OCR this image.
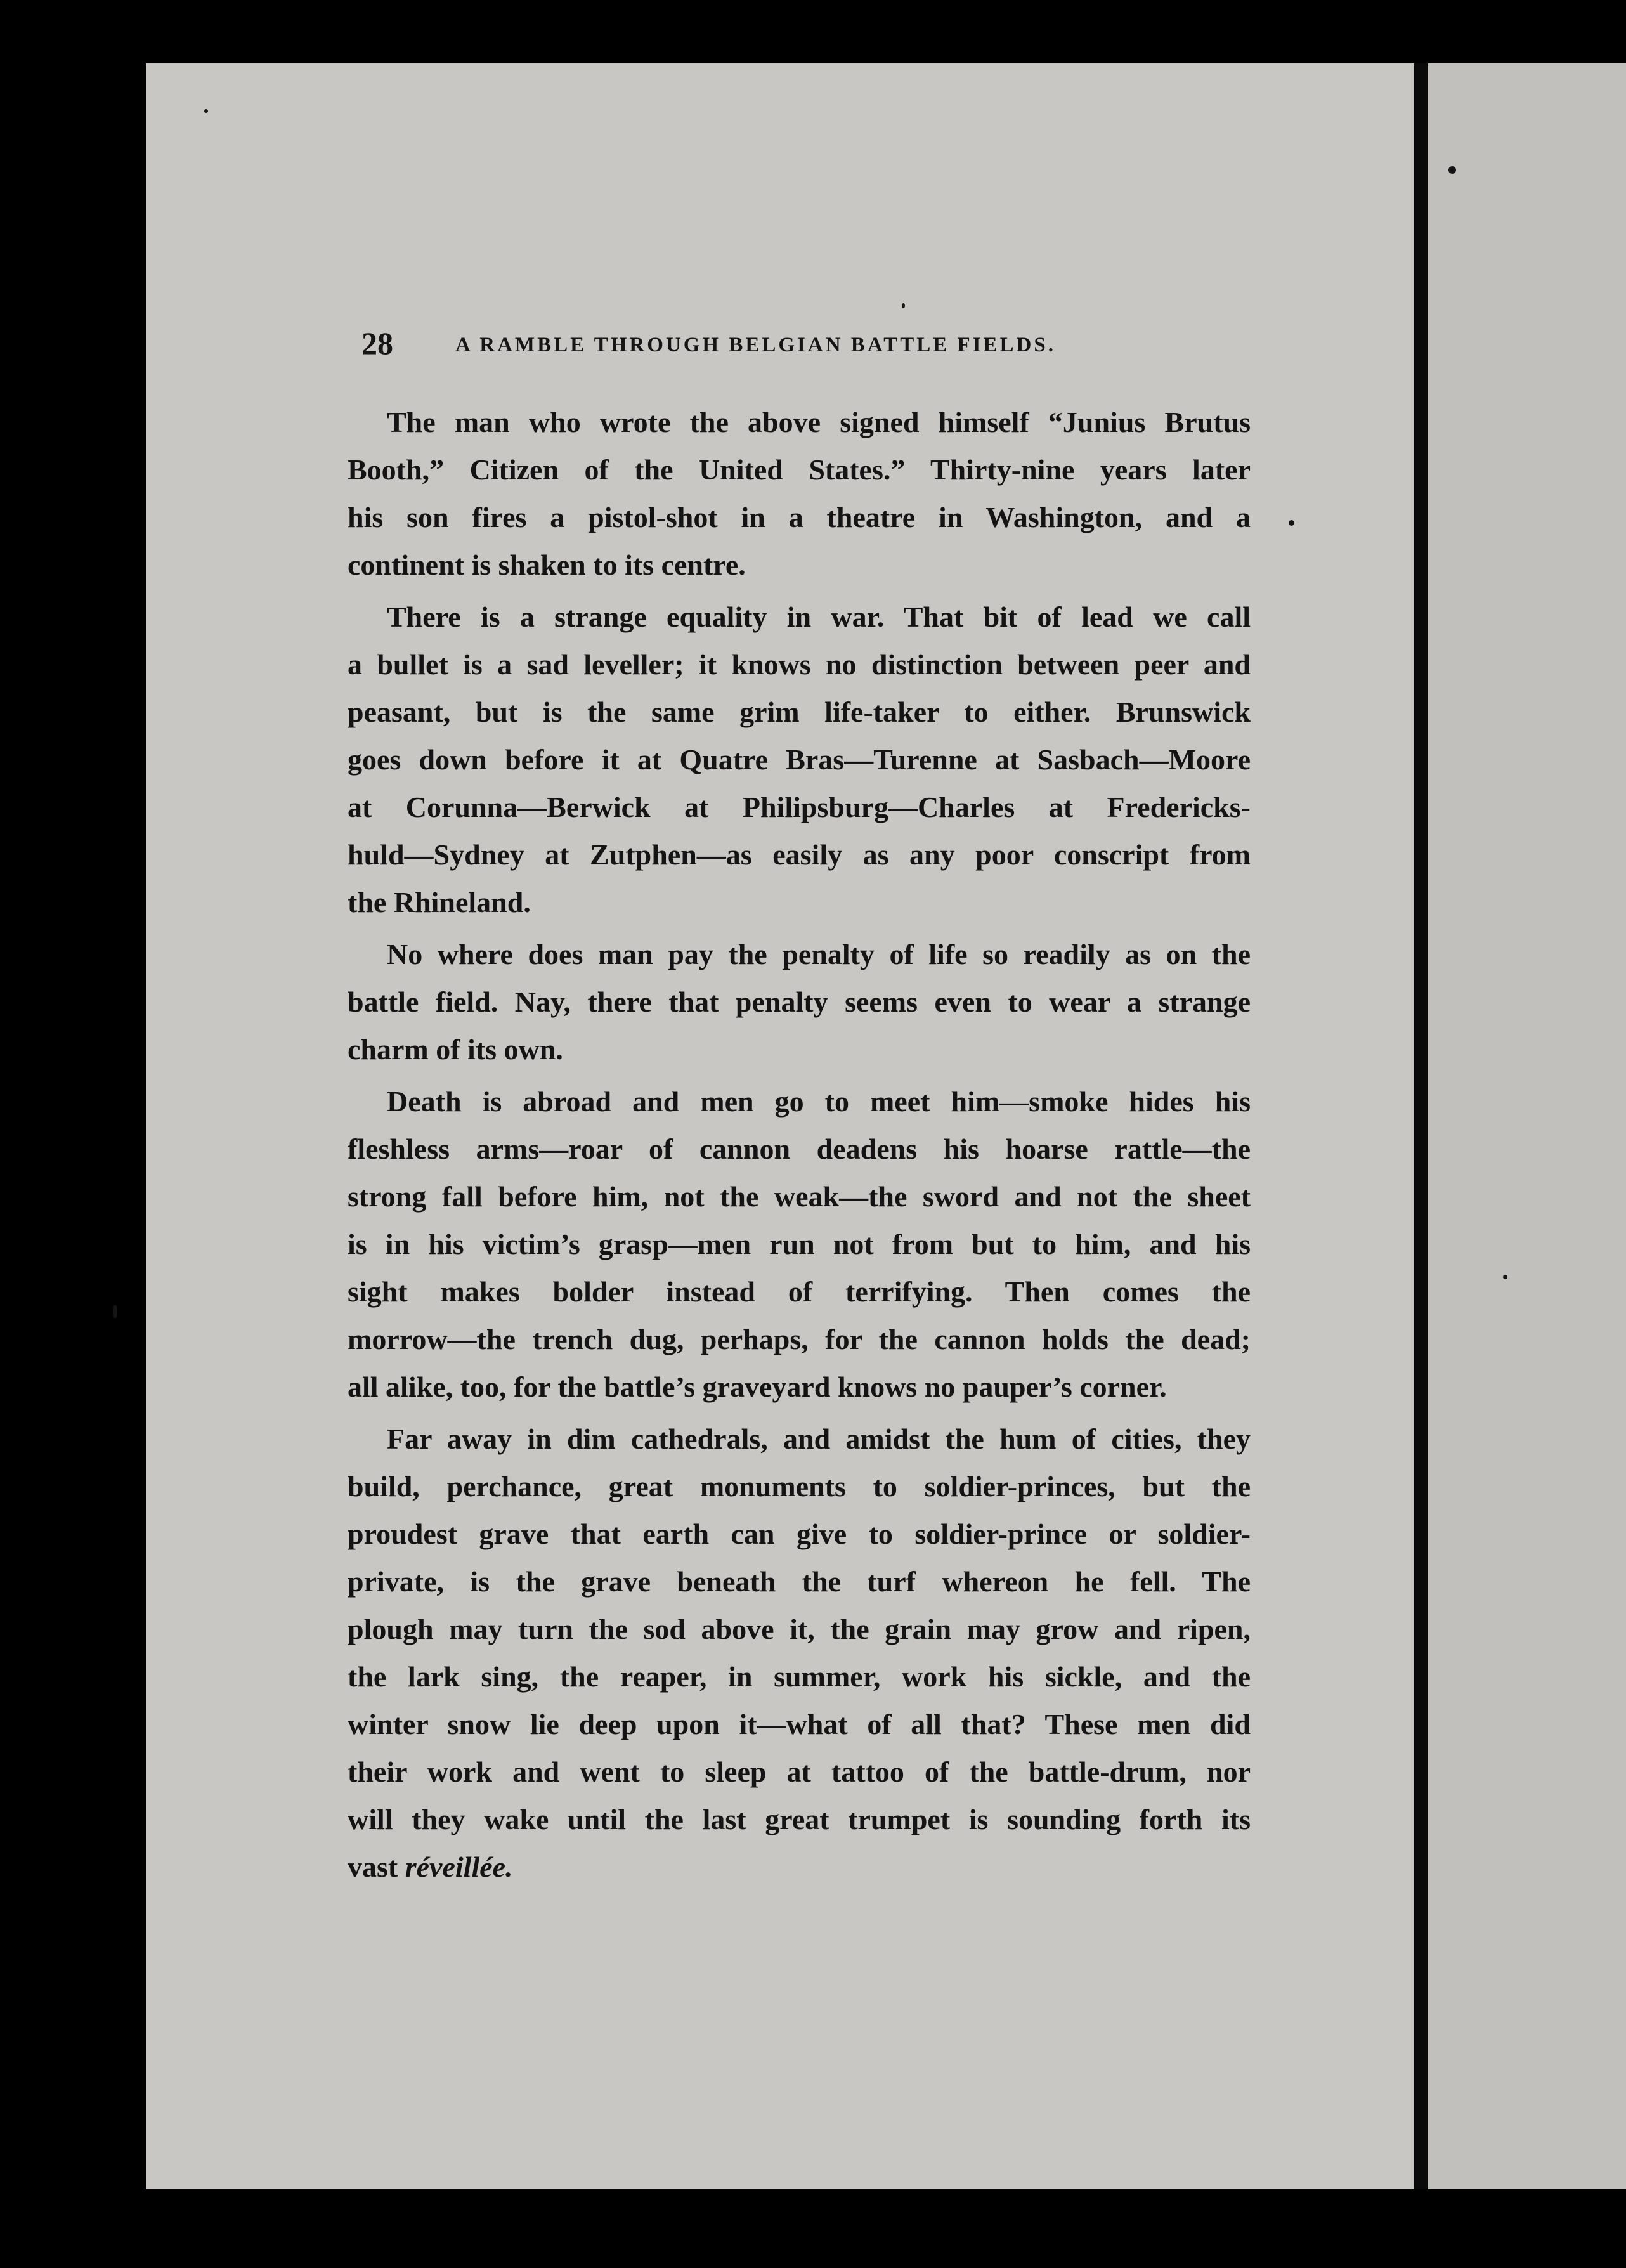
28	A RAMBLE THROUGH BELGIAN BATTLE FIELDS.

The man who wrote the above signed himself “Junius Brutus
Booth,” Citizen of the United States.” Thirty-nine years later
his son fires a pistol-shot in a theatre in Washington, and a
continent is shaken to its centre.

There is a strange equality in war. That bit of lead we call
a bullet is a sad leveller; it knows no distinction between peer and
peasant, but is the same grim life-taker to either. Brunswick
goes down before it at Quatre Bras—Turenne at Sasbach—Moore
at Corunna—Berwick at Philipsburg—Charles at Fredericks-
huld—Sydney at Zutphen—as easily as any poor conscript from
the Rhineland.

No where does man pay the penalty of life so readily as on the
battle field. Nay, there that penalty seems even to wear a strange
charm of its own.

Death is abroad and men go to meet him—smoke hides his
fleshless arms—roar of cannon deadens his hoarse rattle—the
strong fall before him, not the weak—the sword and not the sheet
is in his victim’s grasp—men run not from but to him, and his
sight makes bolder instead of terrifying. Then comes the
morrow—the trench dug, perhaps, for the cannon holds the dead;
all alike, too, for the battle’s graveyard knows no pauper’s corner.

Far away in dim cathedrals, and amidst the hum of cities, they
build, perchance, great monuments to soldier-princes, but the
proudest grave that earth can give to soldier-prince or soldier-
private, is the grave beneath the turf whereon he fell. The
plough may turn the sod above it, the grain may grow and ripen,
the lark sing, the reaper, in summer, work his sickle, and the
winter snow lie deep upon it—what of all that? These men did
their work and went to sleep at tattoo of the battle-drum, nor
will they wake until the last great trumpet is sounding forth its
vast réveillée.
